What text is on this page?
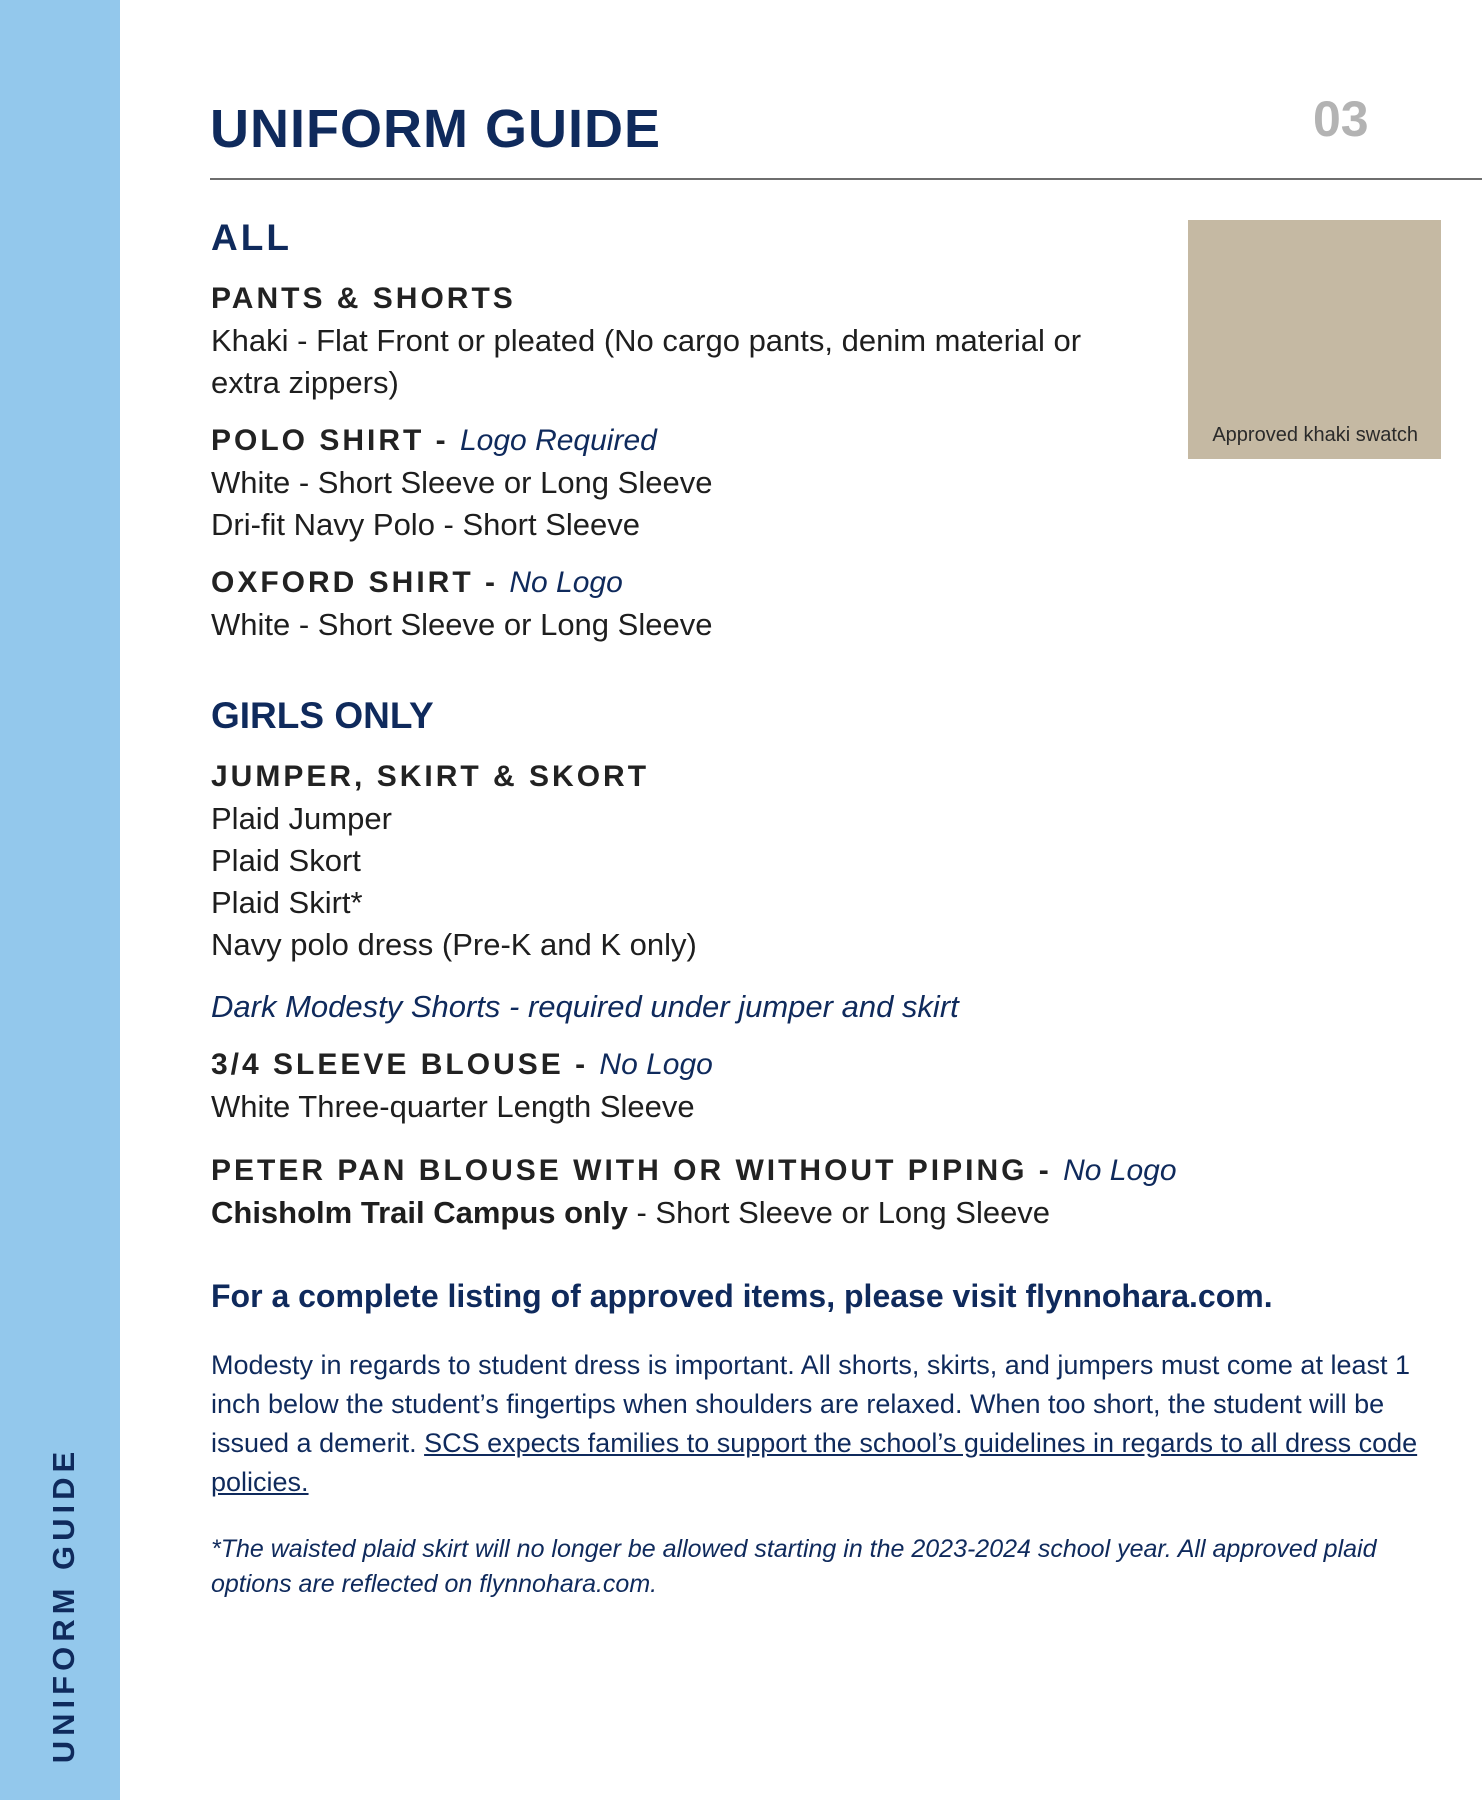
UNIFORM GUIDE
UNIFORM GUIDE	03
Approved khaki swatch
ALL
PANTS & SHORTS
Khaki - Flat Front or pleated (No cargo pants, denim material or extra zippers)
POLO SHIRT - Logo Required
White - Short Sleeve or Long Sleeve
Dri-fit Navy Polo - Short Sleeve
OXFORD SHIRT - No Logo
White - Short Sleeve or Long Sleeve
GIRLS ONLY
JUMPER, SKIRT & SKORT
Plaid Jumper
Plaid Skort
Plaid Skirt*
Navy polo dress (Pre-K and K only)
Dark Modesty Shorts - required under jumper and skirt
3/4 SLEEVE BLOUSE - No Logo
White Three-quarter Length Sleeve
PETER PAN BLOUSE WITH OR WITHOUT PIPING - No Logo
Chisholm Trail Campus only - Short Sleeve or Long Sleeve
For a complete listing of approved items, please visit flynnohara.com.
Modesty in regards to student dress is important. All shorts, skirts, and jumpers must come at least 1 inch below the student’s fingertips when shoulders are relaxed. When too short, the student will be issued a demerit. SCS expects families to support the school’s guidelines in regards to all dress code policies.
*The waisted plaid skirt will no longer be allowed starting in the 2023-2024 school year. All approved plaid options are reflected on flynnohara.com.
